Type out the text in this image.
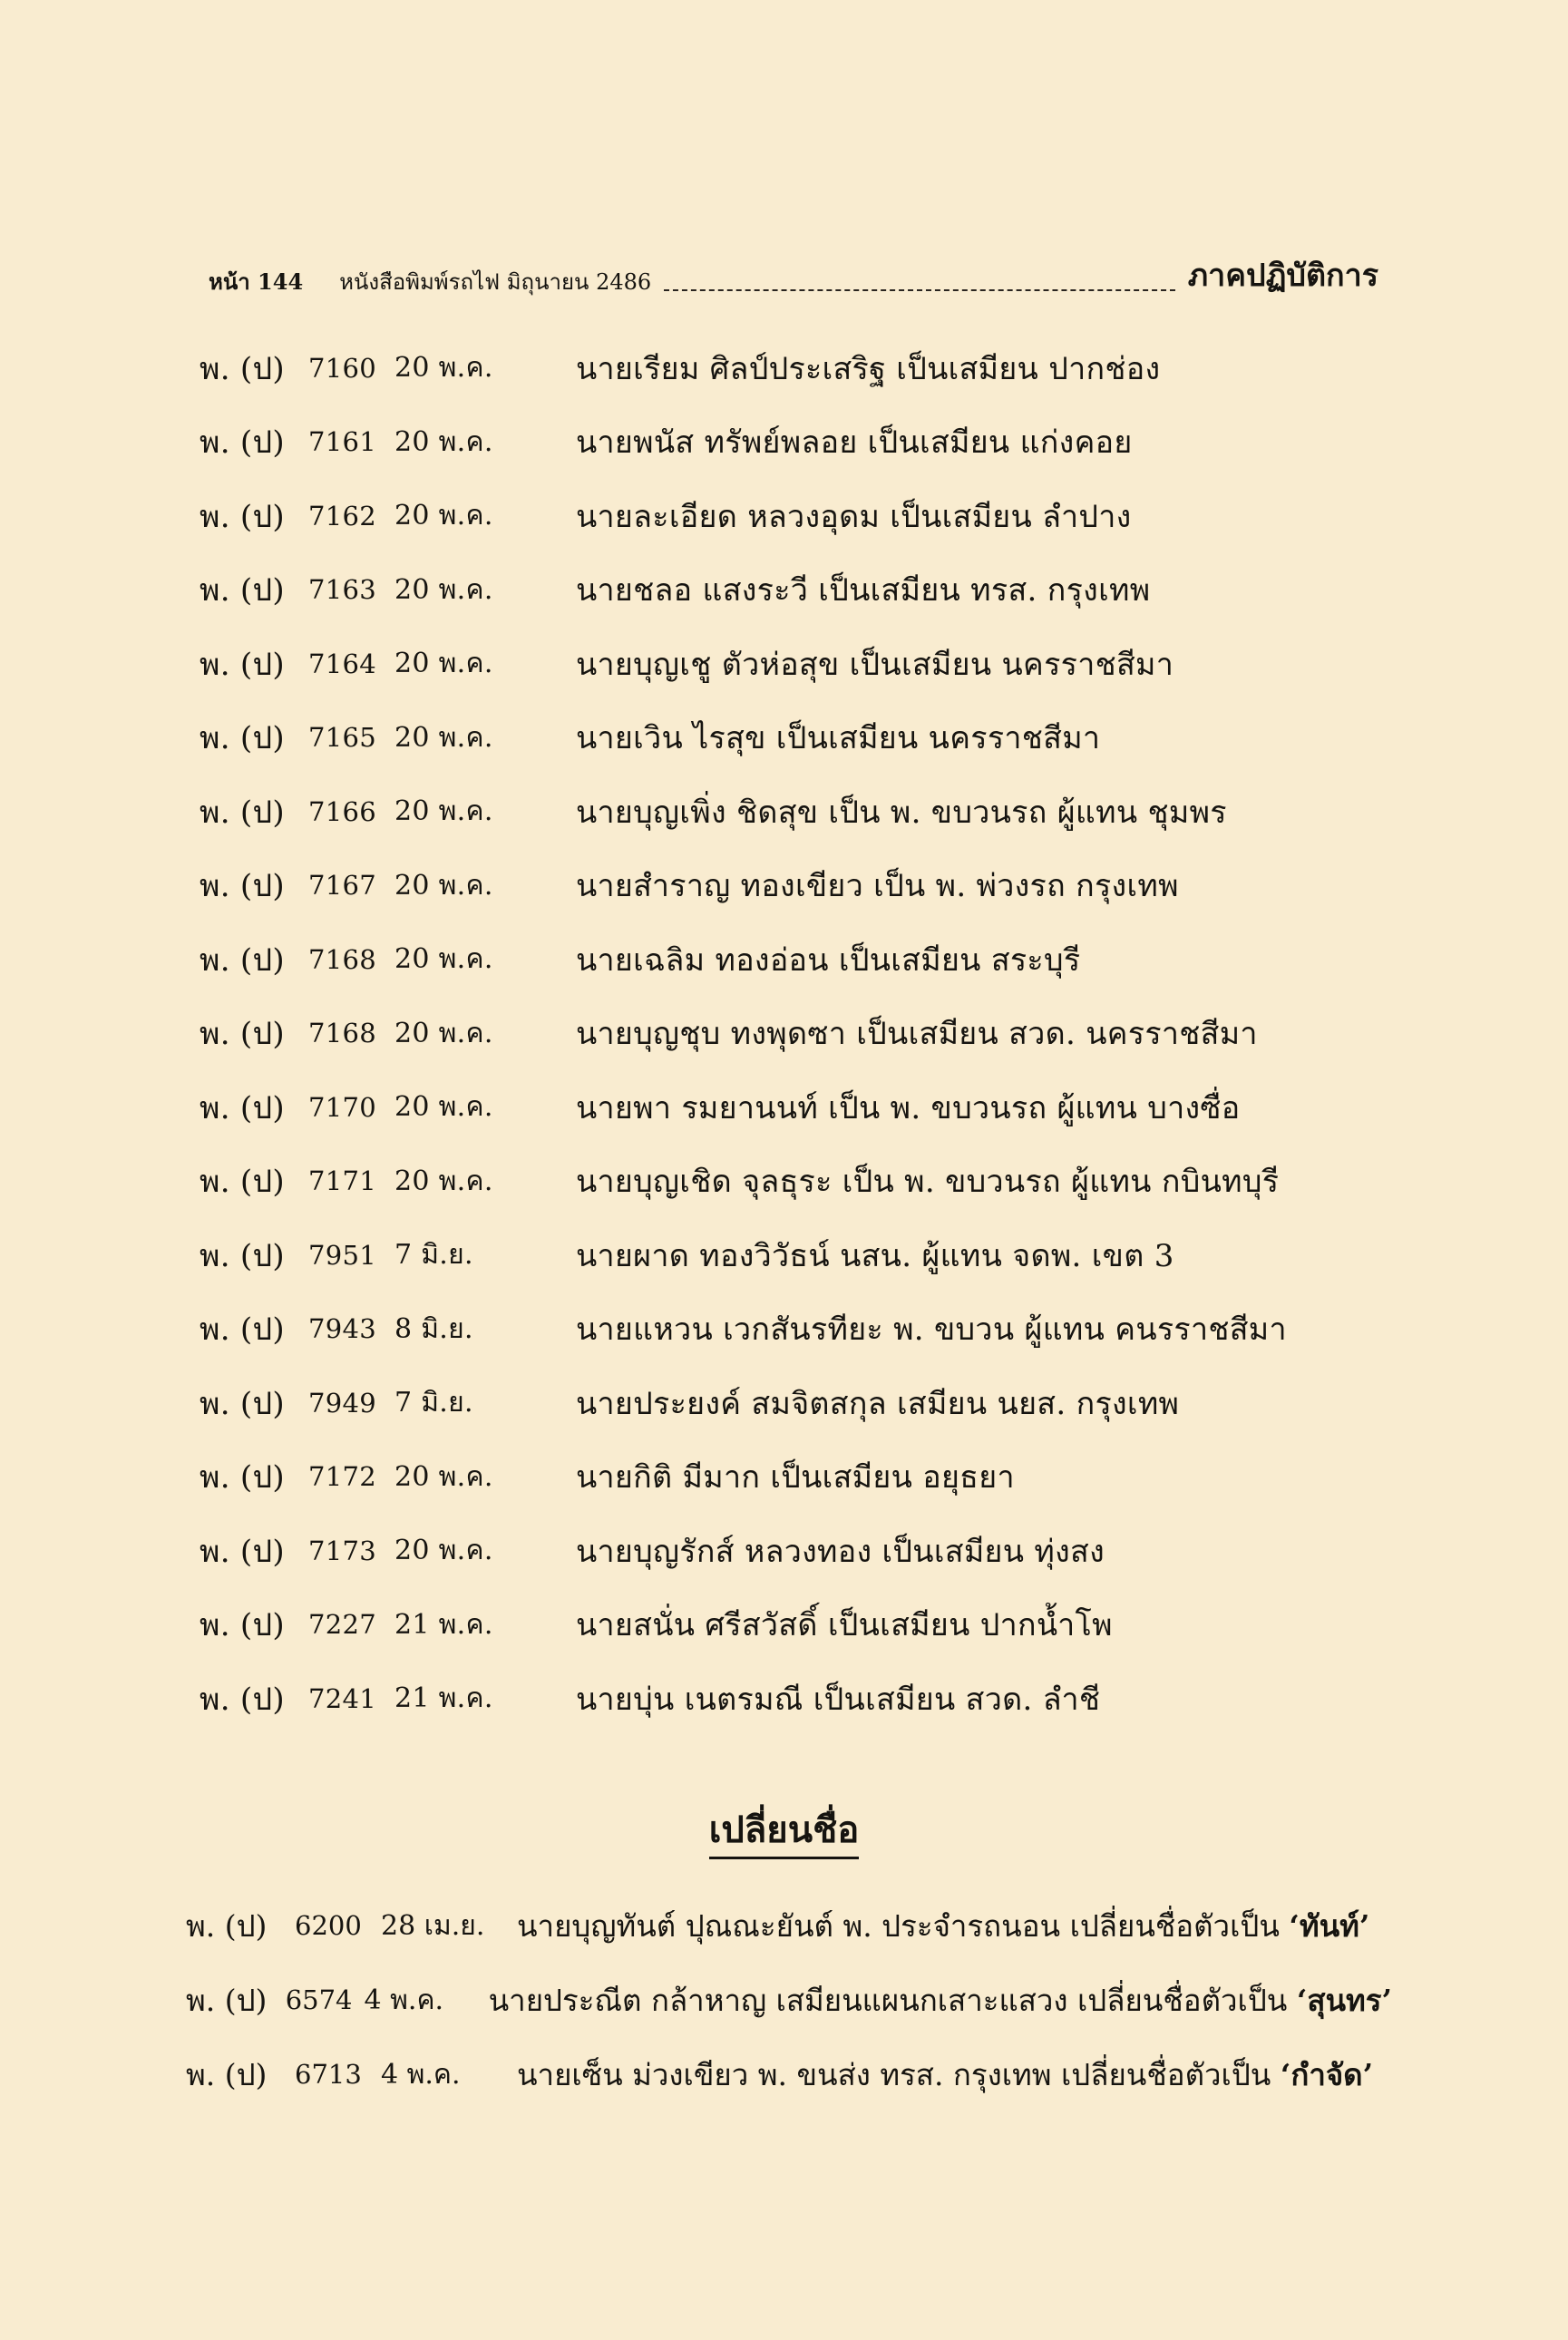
หน้า 144 หนังสือพิมพ์รถไฟ มิถุนายน 2486	ภาคปฏิบัติการ
พ. (ป) 7160 20 พ.ค.	นายเรียม ศิลป์ประเสริฐ เป็นเสมียน ปากช่อง
พ. (ป) 7161 20 พ.ค.	นายพนัส ทรัพย์พลอย เป็นเสมียน แก่งคอย
พ. (ป) 7162 20 พ.ค.	นายละเอียด หลวงอุดม เป็นเสมียน ลำปาง
พ. (ป) 7163 20 พ.ค.	นายชลอ แสงระวี เป็นเสมียน ทรส. กรุงเทพ
พ. (ป) 7164 20 พ.ค.	นายบุญเชู ตัวห่อสุข เป็นเสมียน นครราชสีมา
พ. (ป) 7165 20 พ.ค.	นายเวิน ไรสุข เป็นเสมียน นครราชสีมา
พ. (ป) 7166 20 พ.ค.	นายบุญเพิ่ง ชิดสุข เป็น พ. ขบวนรถ ผู้แทน ชุมพร
พ. (ป) 7167 20 พ.ค.	นายสำราญ ทองเขียว เป็น พ. พ่วงรถ กรุงเทพ
พ. (ป) 7168 20 พ.ค.	นายเฉลิม ทองอ่อน เป็นเสมียน สระบุรี
พ. (ป) 7168 20 พ.ค.	นายบุญชุบ ทงพุดซา เป็นเสมียน สวด. นครราชสีมา
พ. (ป) 7170 20 พ.ค.	นายพา รมยานนท์ เป็น พ. ขบวนรถ ผู้แทน บางซื่อ
พ. (ป) 7171 20 พ.ค.	นายบุญเชิด จุลธุระ เป็น พ. ขบวนรถ ผู้แทน กบินทบุรี
พ. (ป) 7951 7 มิ.ย.	นายผาด ทองวิวัธน์ นสน. ผู้แทน จดพ. เขต 3
พ. (ป) 7943 8 มิ.ย.	นายแหวน เวกสันรทียะ พ. ขบวน ผู้แทน คนรราชสีมา
พ. (ป) 7949 7 มิ.ย.	นายประยงค์ สมจิตสกุล เสมียน นยส. กรุงเทพ
พ. (ป) 7172 20 พ.ค.	นายกิติ มีมาก เป็นเสมียน อยุธยา
พ. (ป) 7173 20 พ.ค.	นายบุญรักส์ หลวงทอง เป็นเสมียน ทุ่งสง
พ. (ป) 7227 21 พ.ค.	นายสนั่น ศรีสวัสดิ์ เป็นเสมียน ปากน้ำโพ
พ. (ป) 7241 21 พ.ค.	นายบุ่น เนตรมณี เป็นเสมียน สวด. ลำชี
เปลี่ยนชื่อ
พ. (ป)	6200 28 เม.ย.	นายบุญทันต์ ปุณณะยันต์ พ. ประจำรถนอน เปลี่ยนชื่อตัวเป็น ‘ทันท์’
พ. (ป) 6574 4 พ.ค.	นายประณีต กล้าหาญ เสมียนแผนกเสาะแสวง เปลี่ยนชื่อตัวเป็น ‘สุนทร’
พ. (ป)	6713 4 พ.ค.	นายเซ็น ม่วงเขียว พ. ขนส่ง ทรส. กรุงเทพ เปลี่ยนชื่อตัวเป็น ‘กำจัด’
